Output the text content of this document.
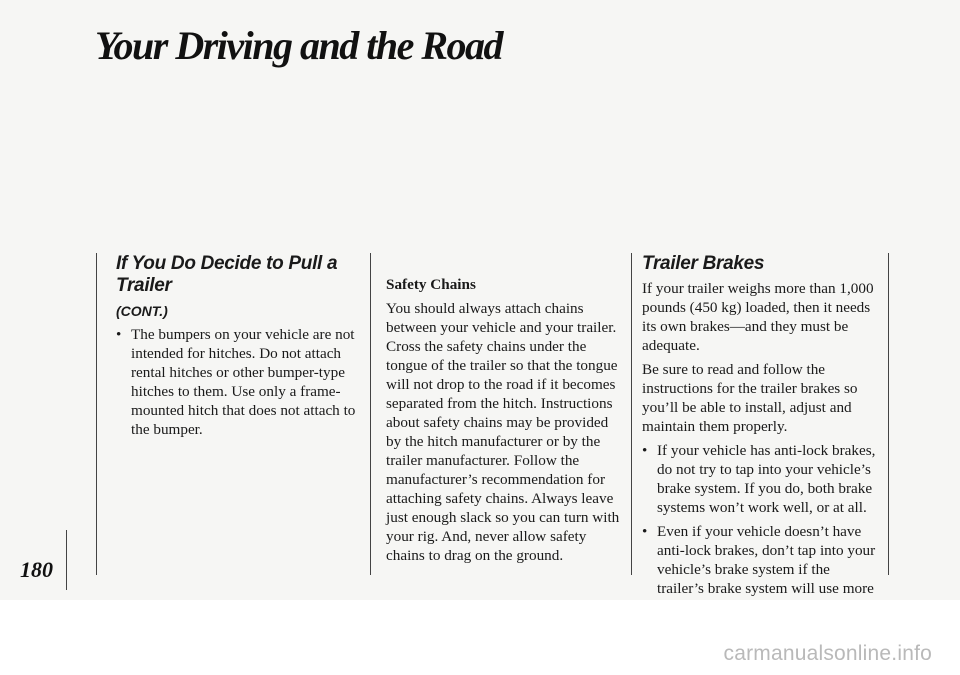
Your Driving and the Road
180

If You Do Decide to Pull a Trailer

(CONT.)

• The bumpers on your vehicle are not intended for hitches. Do not attach rental hitches or other bumper-type hitches to them. Use only a frame-mounted hitch that does not attach to the bumper.

Safety Chains

You should always attach chains between your vehicle and your trailer. Cross the safety chains under the tongue of the trailer so that the tongue will not drop to the road if it becomes separated from the hitch. Instructions about safety chains may be provided by the hitch manufacturer or by the trailer manufacturer. Follow the manufacturer’s recommendation for attaching safety chains. Always leave just enough slack so you can turn with your rig. And, never allow safety chains to drag on the ground.

Trailer Brakes

If your trailer weighs more than 1,000 pounds (450 kg) loaded, then it needs its own brakes—and they must be adequate.

Be sure to read and follow the instructions for the trailer brakes so you’ll be able to install, adjust and maintain them properly.

• If your vehicle has anti-lock brakes, do not try to tap into your vehicle’s brake system. If you do, both brake systems won’t work well, or at all.
• Even if your vehicle doesn’t have anti-lock brakes, don’t tap into your vehicle’s brake system if the trailer’s brake system will use more
carmanualsonline.info
